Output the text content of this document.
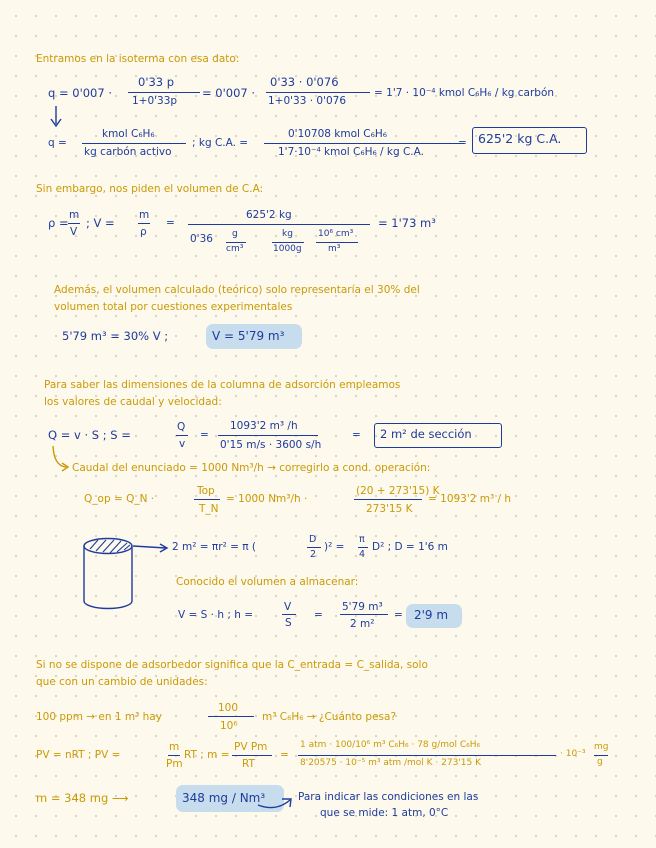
Entramos en la isoterma con esa dato:
q = 0'007 ·
0'33 p
1+0'33p
= 0'007 ·
0'33 · 0'076
1+0'33 · 0'076
= 1'7 · 10⁻⁴ kmol C₆H₆ / kg carbón
q =
kmol C₆H₆
kg carbón activo
; kg C.A. =
0'10708 kmol C₆H₆
1'7·10⁻⁴ kmol C₆H₆ / kg C.A.
= 625'2 kg C.A.
Sin embargo, nos piden el volumen de C.A:
ρ =
m
V
; V =
m
ρ
=
625'2 kg
0'36 g
cm³
kg
1000g
10⁶ cm³
m³
= 1'73 m³
Además, el volumen calculado (teórico) solo representaría el 30% del
volumen total por cuestiones experimentales
5'79 m³ = 30% V ;	V = 5'79 m³
Para saber las dimensiones de la columna de adsorción empleamos
los valores de caudal y velocidad:
Q = v · S ; S =
Q
v
=
1093'2 m³ /h
0'15 m/s · 3600 s/h
= 2 m² de sección
Caudal del enunciado = 1000 Nm³/h → corregirlo a cond. operación:
Q_op = Q_N ·
Top
T_N
= 1000 Nm³/h ·
(20 + 273'15) K
273'15 K
= 1093'2 m³ / h
2 m² = πr² = π (
D
2
)² =
π
4
D² ; D = 1'6 m
Conocido el volumen a almacenar:
V = S · h ; h =
V
S
=
5'79 m³
2 m²
= 2'9 m
Si no se dispone de adsorbedor significa que la C_entrada = C_salida, solo
que con un cambio de unidades:
100 ppm → en 1 m³ hay
100
10⁶
m³ C₆H₆ → ¿Cuánto pesa?
PV = nRT ; PV =
m
Pm
RT ; m =
PV Pm
RT
=
1 atm · 100/10⁶ m³ C₆H₆ · 78 g/mol C₆H₆
8'20575 · 10⁻⁵ m³ atm /mol K · 273'15 K
· 10⁻³
mg
g
m = 348 mg ⟶	348 mg / Nm³	Para indicar las condiciones en las
que se mide: 1 atm, 0°C
